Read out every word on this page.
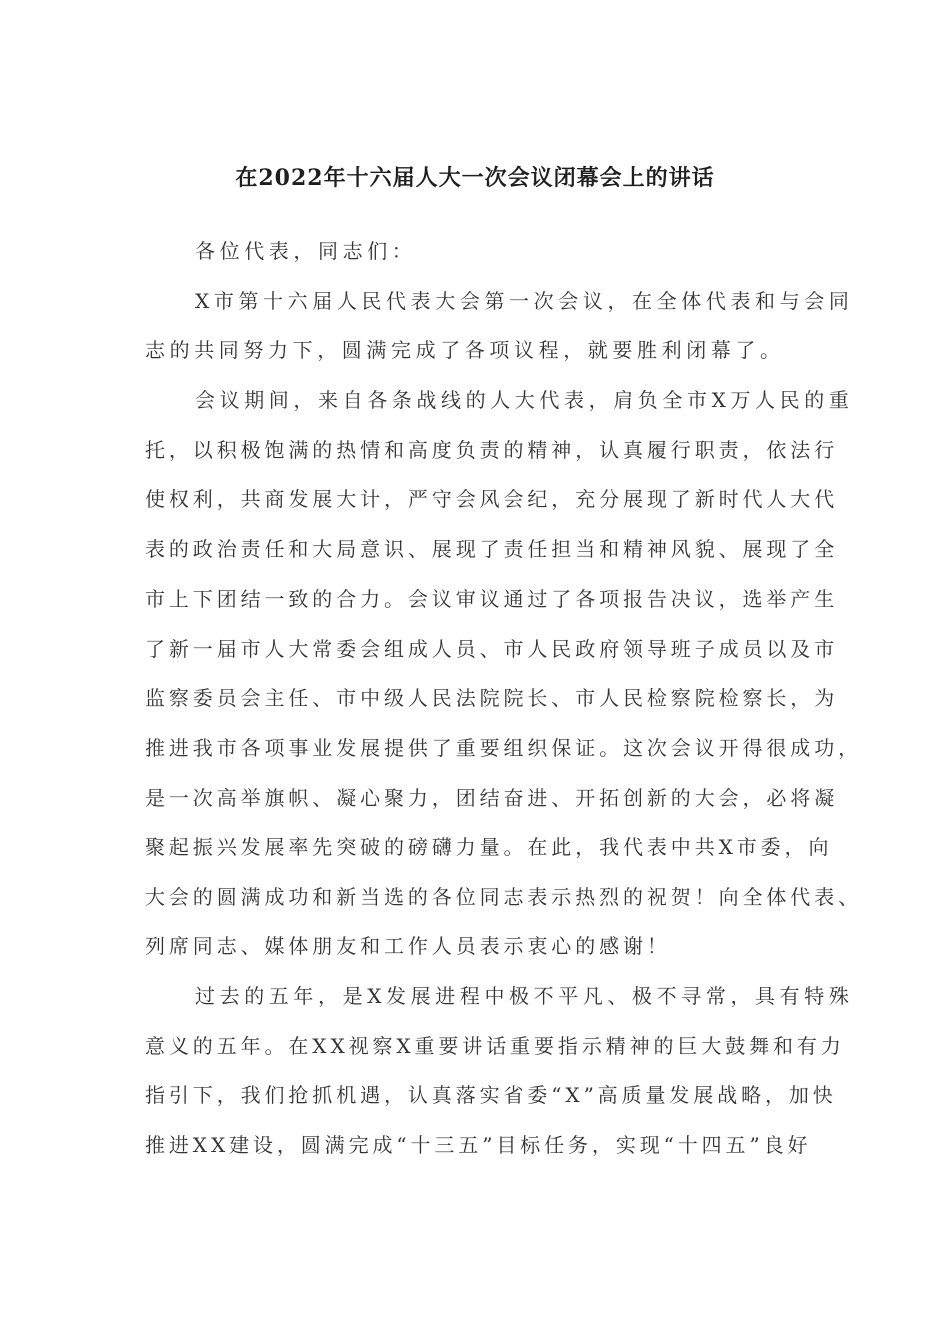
在2022年十六届人大一次会议闭幕会上的讲话
各位代表，同志们：
X市第十六届人民代表大会第一次会议，在全体代表和与会同
志的共同努力下，圆满完成了各项议程，就要胜利闭幕了。
会议期间，来自各条战线的人大代表，肩负全市X万人民的重
托，以积极饱满的热情和高度负责的精神，认真履行职责，依法行
使权利，共商发展大计，严守会风会纪，充分展现了新时代人大代
表的政治责任和大局意识、展现了责任担当和精神风貌、展现了全
市上下团结一致的合力。会议审议通过了各项报告决议，选举产生
了新一届市人大常委会组成人员、市人民政府领导班子成员以及市
监察委员会主任、市中级人民法院院长、市人民检察院检察长，为
推进我市各项事业发展提供了重要组织保证。这次会议开得很成功，
是一次高举旗帜、凝心聚力，团结奋进、开拓创新的大会，必将凝
聚起振兴发展率先突破的磅礴力量。在此，我代表中共X市委，向
大会的圆满成功和新当选的各位同志表示热烈的祝贺！向全体代表、
列席同志、媒体朋友和工作人员表示衷心的感谢！
过去的五年，是X发展进程中极不平凡、极不寻常，具有特殊
意义的五年。在XX视察X重要讲话重要指示精神的巨大鼓舞和有力
指引下，我们抢抓机遇，认真落实省委“X”高质量发展战略，加快
推进XX建设，圆满完成“十三五”目标任务，实现“十四五”良好
